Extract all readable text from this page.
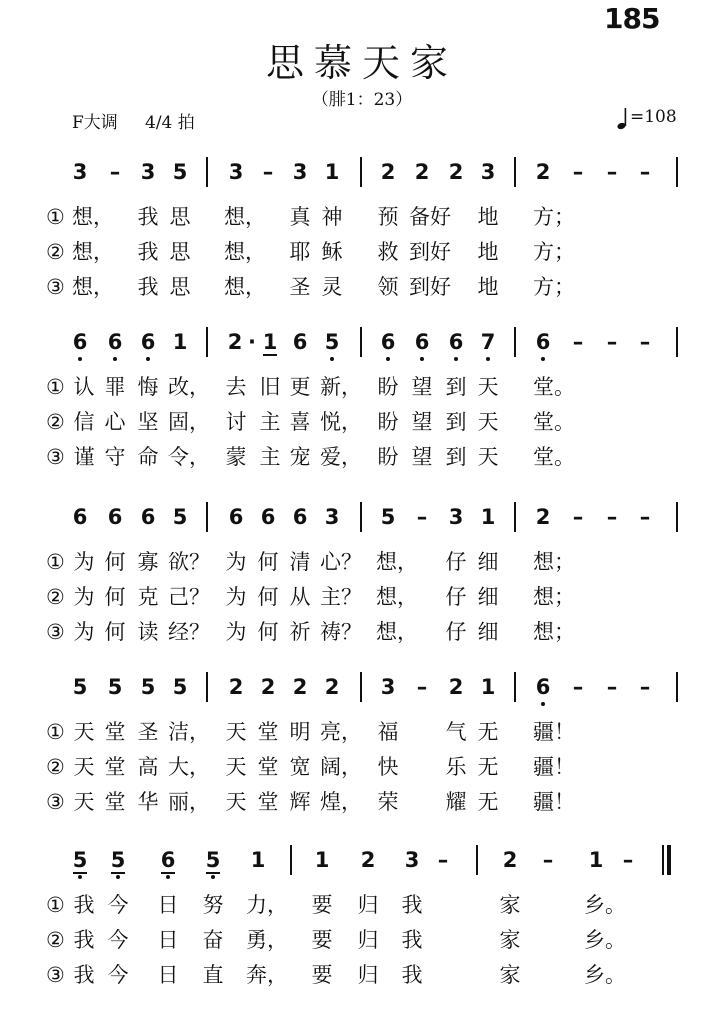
185
思慕天家
（腓1：23）
F大调 4/4 拍	=108
3	– 3 5 3 – 3 1 2 2 2 3 2	–	–	–
① 想， 我 思 想， 真 神 预 备好 地 方；
② 想， 我 思 想， 耶 稣 救 到好 地 方；
③ 想， 我 思 想， 圣 灵 领 到好 地 方；
6 6 6 1 2 · 1 6 5 6 6 6 7 6	–	–	–
① 认 罪 悔 改， 去 旧 更 新， 盼 望 到 天 堂。
② 信 心 坚 固， 讨 主 喜 悦， 盼 望 到 天 堂。
③ 谨 守 命 令， 蒙 主 宠 爱， 盼 望 到 天 堂。
6 6 6 5 6 6 6 3 5	–	3 1 2	–	–	–
① 为 何 寡 欲？ 为 何 清 心？ 想， 仔 细 想；
② 为 何 克 己？ 为 何 从 主？ 想， 仔 细 想；
③ 为 何 读 经？ 为 何 祈 祷？ 想， 仔 细 想；
5 5 5 5 2 2 2 2 3	–	2 1 6	–	–	–
① 天 堂 圣 洁， 天 堂 明 亮， 福 气 无 疆！
② 天 堂 高 大， 天 堂 宽 阔， 快 乐 无 疆！
③ 天 堂 华 丽， 天 堂 辉 煌， 荣 耀 无 疆！
5 5 6 5 1 1 2 3 –	2	–	1 –
① 我 今 日 努 力， 要 归 我	家	乡。
② 我 今 日 奋 勇， 要 归 我	家	乡。
③ 我 今 日 直 奔， 要 归 我	家	乡。
